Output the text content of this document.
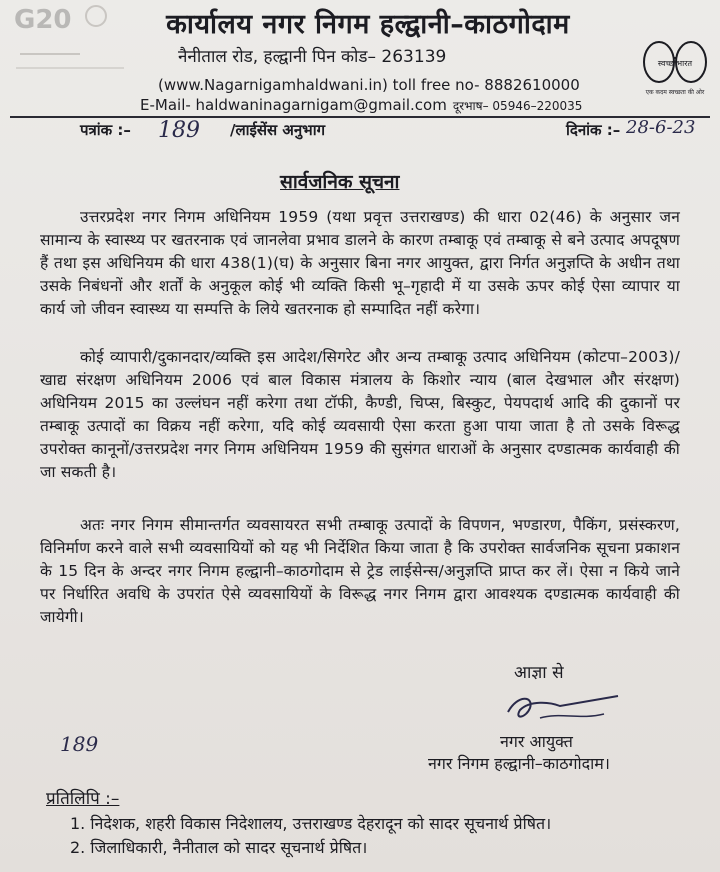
G20	कार्यालय नगर निगम हल्द्वानी–काठगोदाम
नैनीताल रोड, हल्द्वानी पिन कोड– 263139	स्वच्छ भारत
एक कदम स्वच्छता की ओर
(www.Nagarnigamhaldwani.in) toll free no- 8882610000
E-Mail- haldwaninagarnigam@gmail.com दूरभाष– 05946–220035
पत्रांक :– 189 /लाईसेंस अनुभाग	दिनांक :– 28-6-23
सार्वजनिक सूचना
उत्तरप्रदेश नगर निगम अधिनियम 1959 (यथा प्रवृत्त उत्तराखण्ड) की धारा 02(46) के अनुसार जन सामान्य के स्वास्थ्य पर खतरनाक एवं जानलेवा प्रभाव डालने के कारण तम्बाकू एवं तम्बाकू से बने उत्पाद अपदूषण हैं तथा इस अधिनियम की धारा 438(1)(घ) के अनुसार बिना नगर आयुक्त, द्वारा निर्गत अनुज्ञप्ति के अधीन तथा उसके निबंधनों और शर्तों के अनुकूल कोई भी व्यक्ति किसी भू–गृहादी में या उसके ऊपर कोई ऐसा व्यापार या कार्य जो जीवन स्वास्थ्य या सम्पत्ति के लिये खतरनाक हो सम्पादित नहीं करेगा।
कोई व्यापारी/दुकानदार/व्यक्ति इस आदेश/सिगरेट और अन्य तम्बाकू उत्पाद अधिनियम (कोटपा–2003)/खाद्य संरक्षण अधिनियम 2006 एवं बाल विकास मंत्रालय के किशोर न्याय (बाल देखभाल और संरक्षण) अधिनियम 2015 का उल्लंघन नहीं करेगा तथा टॉफी, कैण्डी, चिप्स, बिस्कुट, पेयपदार्थ आदि की दुकानों पर तम्बाकू उत्पादों का विक्रय नहीं करेगा, यदि कोई व्यवसायी ऐसा करता हुआ पाया जाता है तो उसके विरूद्ध उपरोक्त कानूनों/उत्तरप्रदेश नगर निगम अधिनियम 1959 की सुसंगत धाराओं के अनुसार दण्डात्मक कार्यवाही की जा सकती है।
अतः नगर निगम सीमान्तर्गत व्यवसायरत सभी तम्बाकू उत्पादों के विपणन, भण्डारण, पैकिंग, प्रसंस्करण, विनिर्माण करने वाले सभी व्यवसायियों को यह भी निर्देशित किया जाता है कि उपरोक्त सार्वजनिक सूचना प्रकाशन के 15 दिन के अन्दर नगर निगम हल्द्वानी–काठगोदाम से ट्रेड लाईसेन्स/अनुज्ञप्ति प्राप्त कर लें। ऐसा न किये जाने पर निर्धारित अवधि के उपरांत ऐसे व्यवसायियों के विरूद्ध नगर निगम द्वारा आवश्यक दण्डात्मक कार्यवाही की जायेगी।
आज्ञा से
189	नगर आयुक्त
नगर निगम हल्द्वानी–काठगोदाम।
प्रतिलिपि :–
1. निदेशक, शहरी विकास निदेशालय, उत्तराखण्ड देहरादून को सादर सूचनार्थ प्रेषित।
2. जिलाधिकारी, नैनीताल को सादर सूचनार्थ प्रेषित।
